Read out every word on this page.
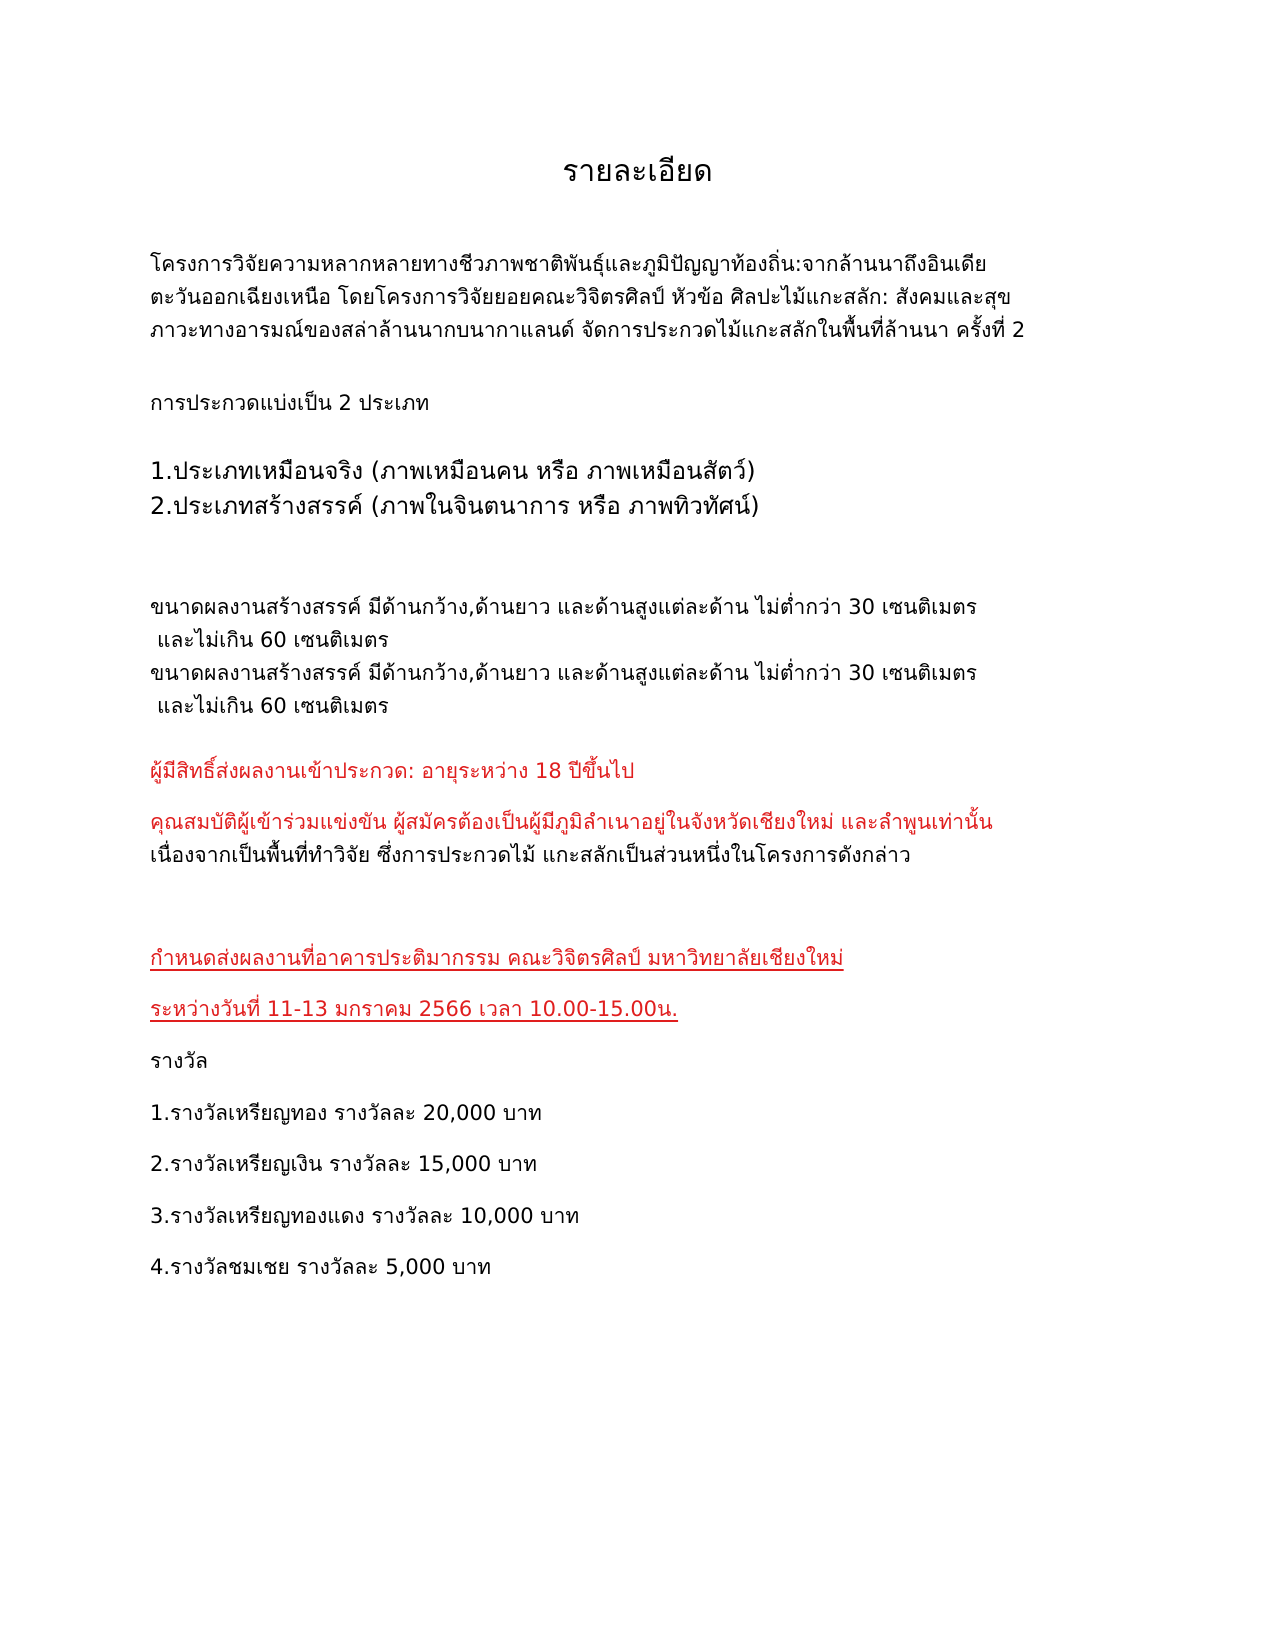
รายละเอียด
โครงการวิจัยความหลากหลายทางชีวภาพชาติพันธุ์และภูมิปัญญาท้องถิ่น:จากล้านนาถึงอินเดีย
ตะวันออกเฉียงเหนือ โดยโครงการวิจัยยอยคณะวิจิตรศิลป์ หัวข้อ ศิลปะไม้แกะสลัก: สังคมและสุข
ภาวะทางอารมณ์ของสล่าล้านนากบนากาแลนด์ จัดการประกวดไม้แกะสลักในพื้นที่ล้านนา ครั้งที่ 2
การประกวดแบ่งเป็น 2 ประเภท
1.ประเภทเหมือนจริง (ภาพเหมือนคน หรือ ภาพเหมือนสัตว์)
2.ประเภทสร้างสรรค์ (ภาพในจินตนาการ หรือ ภาพทิวทัศน์)
ขนาดผลงานสร้างสรรค์ มีด้านกว้าง,ด้านยาว และด้านสูงแต่ละด้าน ไม่ต่ำกว่า 30 เซนติเมตร
และไม่เกิน 60 เซนติเมตร
ขนาดผลงานสร้างสรรค์ มีด้านกว้าง,ด้านยาว และด้านสูงแต่ละด้าน ไม่ต่ำกว่า 30 เซนติเมตร
และไม่เกิน 60 เซนติเมตร
ผู้มีสิทธิ์ส่งผลงานเข้าประกวด: อายุระหว่าง 18 ปีขึ้นไป
คุณสมบัติผู้เข้าร่วมแข่งขัน ผู้สมัครต้องเป็นผู้มีภูมิลำเนาอยู่ในจังหวัดเชียงใหม่ และลำพูนเท่านั้น
เนื่องจากเป็นพื้นที่ทำวิจัย ซึ่งการประกวดไม้ แกะสลักเป็นส่วนหนึ่งในโครงการดังกล่าว
กำหนดส่งผลงานที่อาคารประติมากรรม คณะวิจิตรศิลป์ มหาวิทยาลัยเชียงใหม่
ระหว่างวันที่ 11-13 มกราคม 2566 เวลา 10.00-15.00น.
รางวัล
1.รางวัลเหรียญทอง รางวัลละ 20,000 บาท
2.รางวัลเหรียญเงิน รางวัลละ 15,000 บาท
3.รางวัลเหรียญทองแดง รางวัลละ 10,000 บาท
4.รางวัลชมเชย รางวัลละ 5,000 บาท
